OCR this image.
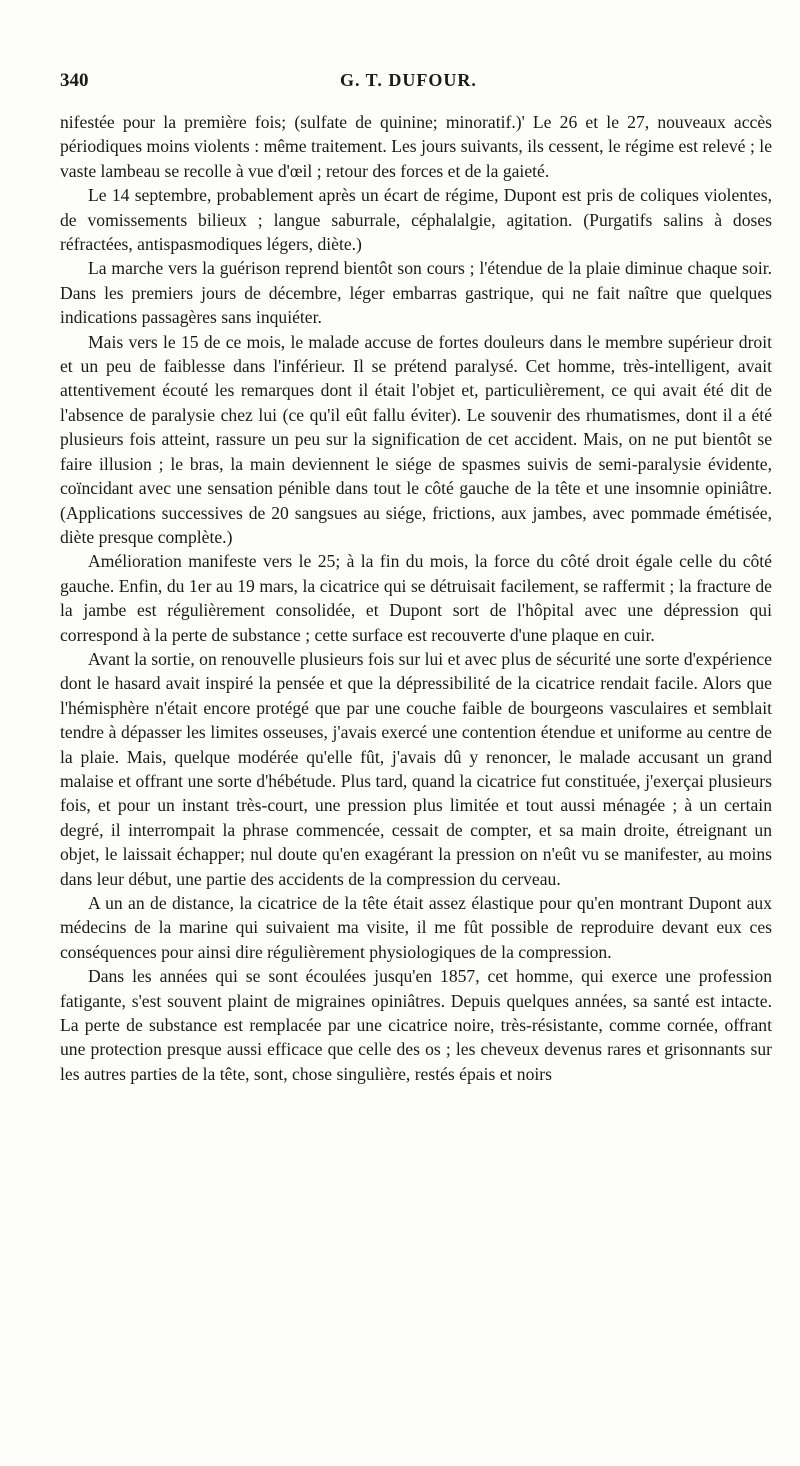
340	G. T. DUFOUR.

nifestée pour la première fois; (sulfate de quinine; minoratif.)' Le 26 et le 27, nouveaux accès périodiques moins violents : même traitement. Les jours suivants, ils cessent, le régime est relevé ; le vaste lambeau se recolle à vue d'œil ; retour des forces et de la gaieté.

Le 14 septembre, probablement après un écart de régime, Dupont est pris de coliques violentes, de vomissements bilieux ; langue saburrale, céphalalgie, agitation. (Purgatifs salins à doses réfractées, antispasmodiques légers, diète.)

La marche vers la guérison reprend bientôt son cours ; l'étendue de la plaie diminue chaque soir. Dans les premiers jours de décembre, léger embarras gastrique, qui ne fait naître que quelques indications passagères sans inquiéter.

Mais vers le 15 de ce mois, le malade accuse de fortes douleurs dans le membre supérieur droit et un peu de faiblesse dans l'inférieur. Il se prétend paralysé. Cet homme, très-intelligent, avait attentivement écouté les remarques dont il était l'objet et, particulièrement, ce qui avait été dit de l'absence de paralysie chez lui (ce qu'il eût fallu éviter). Le souvenir des rhumatismes, dont il a été plusieurs fois atteint, rassure un peu sur la signification de cet accident. Mais, on ne put bientôt se faire illusion ; le bras, la main deviennent le siége de spasmes suivis de semi-paralysie évidente, coïncidant avec une sensation pénible dans tout le côté gauche de la tête et une insomnie opiniâtre. (Applications successives de 20 sangsues au siége, frictions, aux jambes, avec pommade émétisée, diète presque complète.)

Amélioration manifeste vers le 25; à la fin du mois, la force du côté droit égale celle du côté gauche. Enfin, du 1er au 19 mars, la cicatrice qui se détruisait facilement, se raffermit ; la fracture de la jambe est régulièrement consolidée, et Dupont sort de l'hôpital avec une dépression qui correspond à la perte de substance ; cette surface est recouverte d'une plaque en cuir.

Avant la sortie, on renouvelle plusieurs fois sur lui et avec plus de sécurité une sorte d'expérience dont le hasard avait inspiré la pensée et que la dépressibilité de la cicatrice rendait facile. Alors que l'hémisphère n'était encore protégé que par une couche faible de bourgeons vasculaires et semblait tendre à dépasser les limites osseuses, j'avais exercé une contention étendue et uniforme au centre de la plaie. Mais, quelque modérée qu'elle fût, j'avais dû y renoncer, le malade accusant un grand malaise et offrant une sorte d'hébétude. Plus tard, quand la cicatrice fut constituée, j'exerçai plusieurs fois, et pour un instant très-court, une pression plus limitée et tout aussi ménagée ; à un certain degré, il interrompait la phrase commencée, cessait de compter, et sa main droite, étreignant un objet, le laissait échapper; nul doute qu'en exagérant la pression on n'eût vu se manifester, au moins dans leur début, une partie des accidents de la compression du cerveau.

A un an de distance, la cicatrice de la tête était assez élastique pour qu'en montrant Dupont aux médecins de la marine qui suivaient ma visite, il me fût possible de reproduire devant eux ces conséquences pour ainsi dire régulièrement physiologiques de la compression.

Dans les années qui se sont écoulées jusqu'en 1857, cet homme, qui exerce une profession fatigante, s'est souvent plaint de migraines opiniâtres. Depuis quelques années, sa santé est intacte. La perte de substance est remplacée par une cicatrice noire, très-résistante, comme cornée, offrant une protection presque aussi efficace que celle des os ; les cheveux devenus rares et grisonnants sur les autres parties de la tête, sont, chose singulière, restés épais et noirs
